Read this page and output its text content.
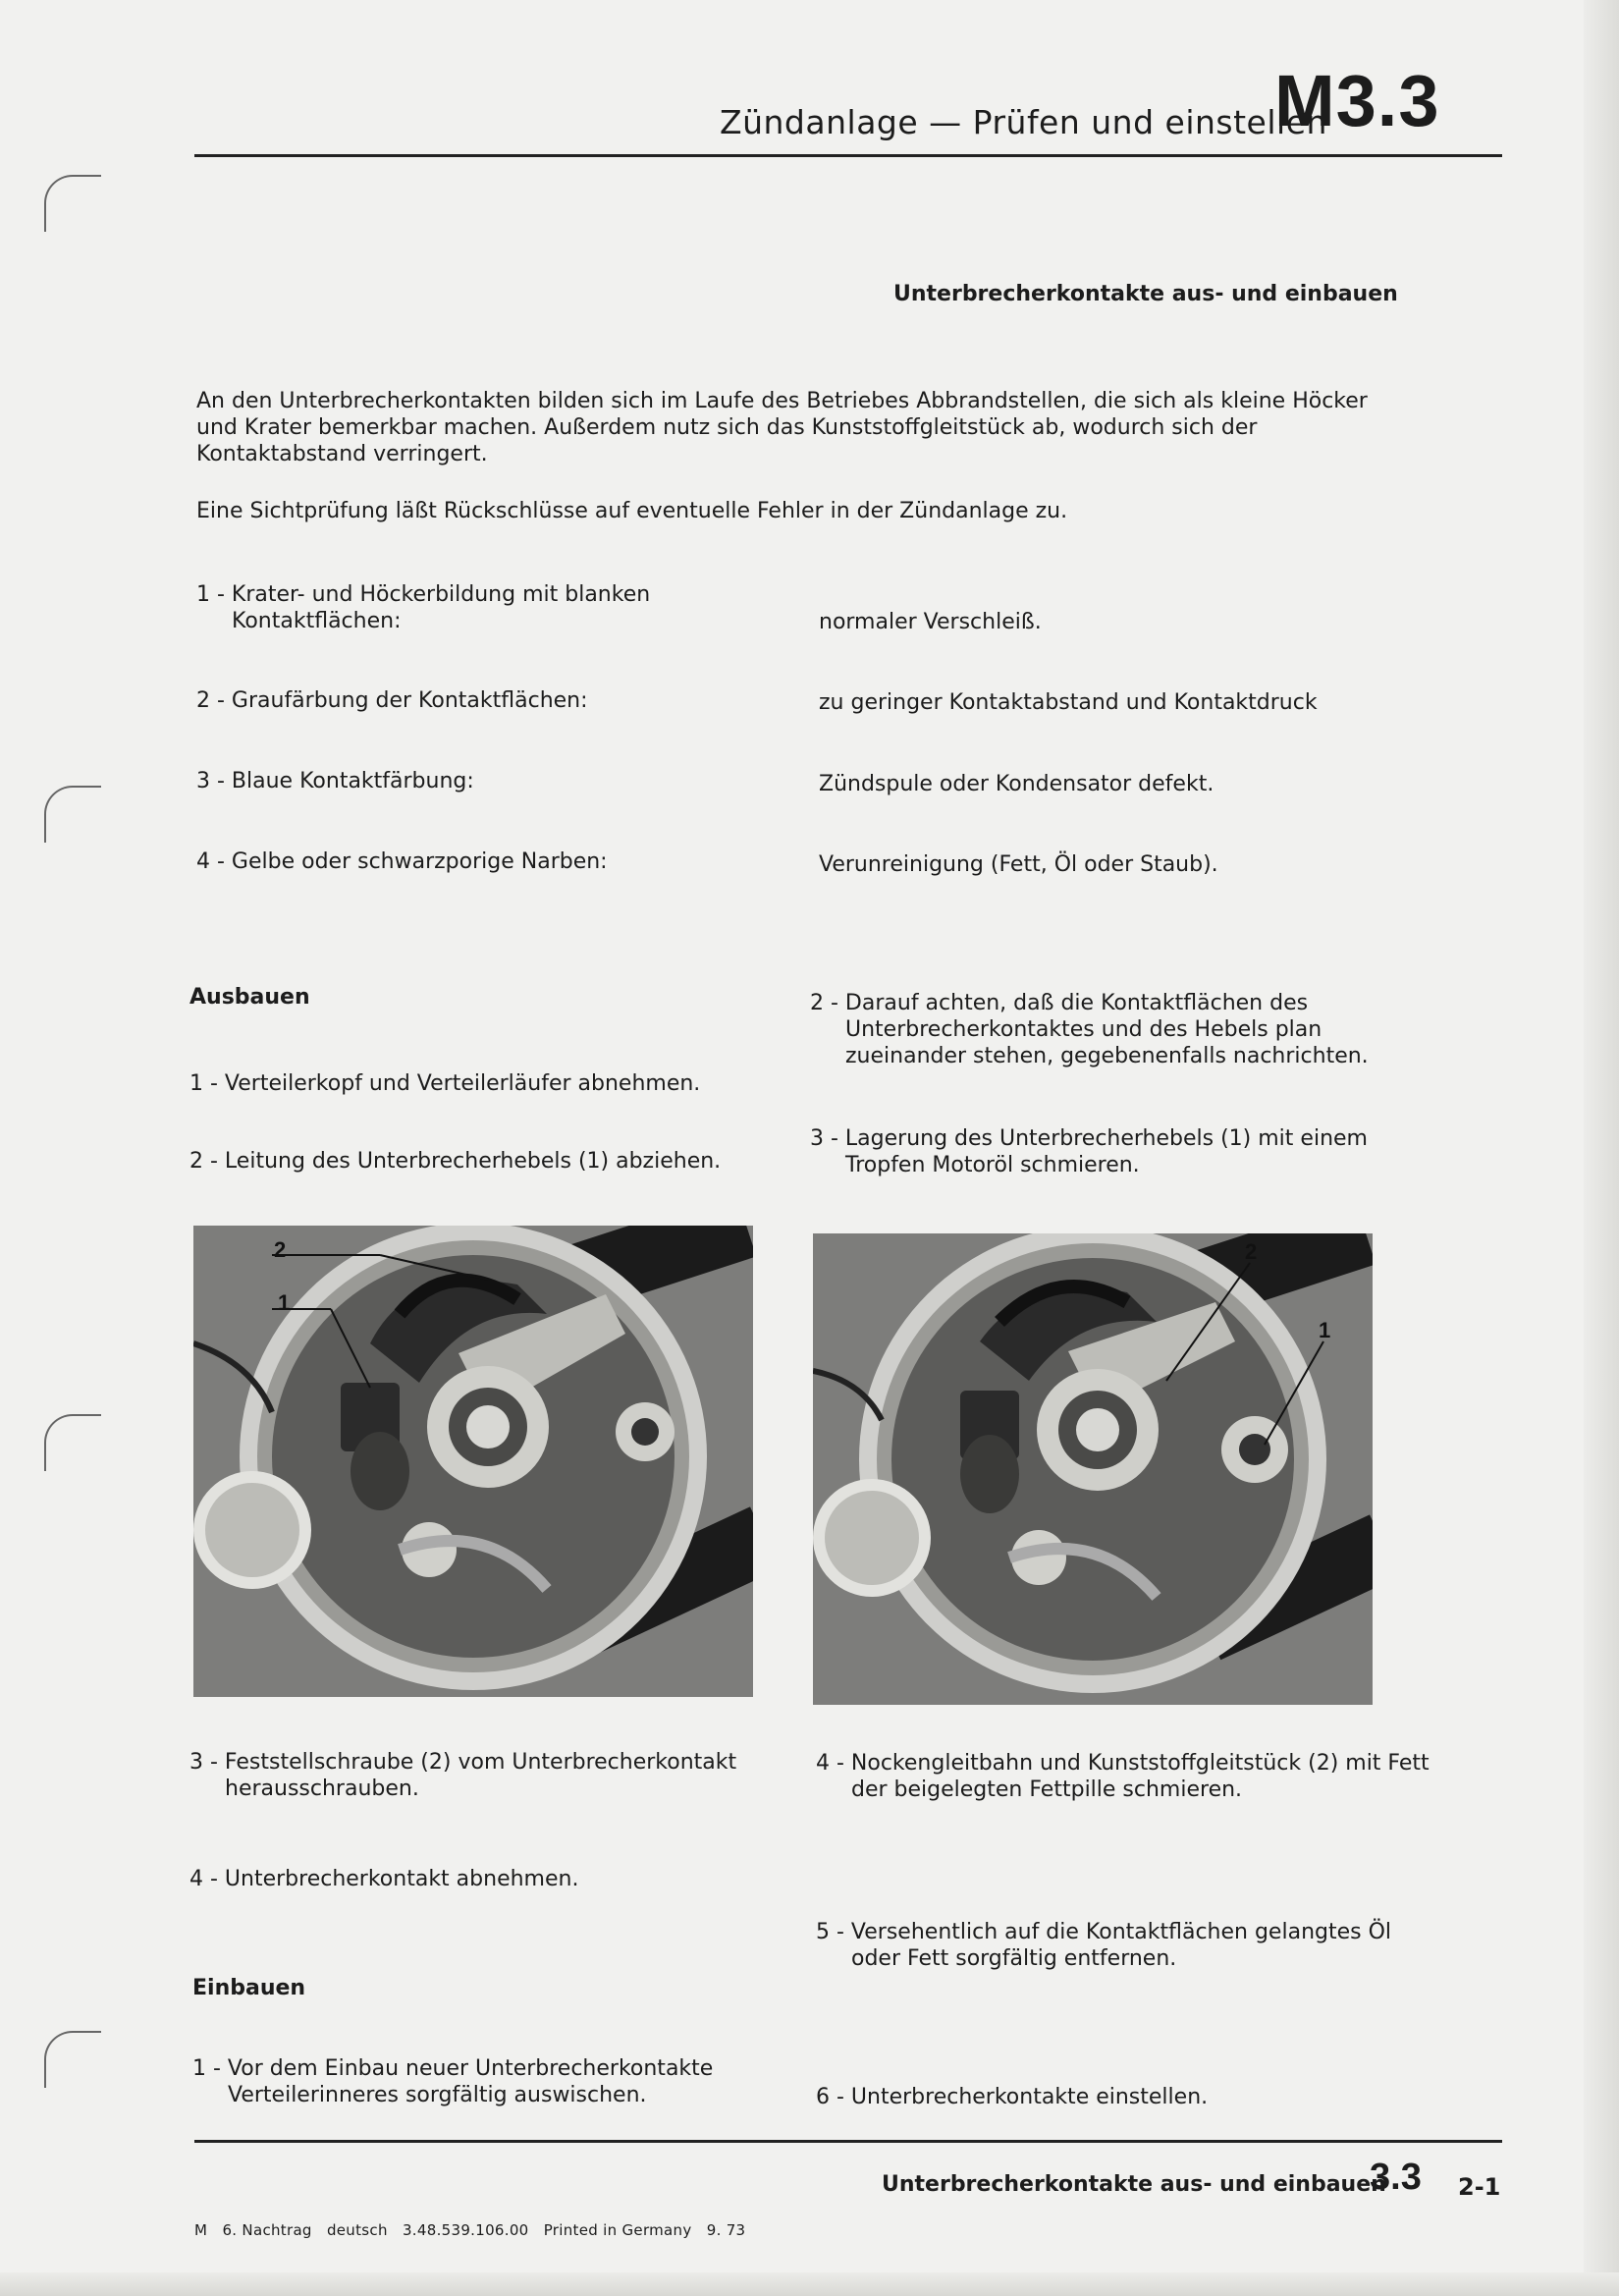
Zündanlage — Prüfen und einstellen
M3.3
Unterbrecherkontakte aus- und einbauen
An den Unterbrecherkontakten bilden sich im Laufe des Betriebes Abbrandstellen, die sich als kleine Höcker und Krater bemerkbar machen. Außerdem nutz sich das Kunststoffgleitstück ab, wodurch sich der Kontaktabstand verringert.
Eine Sichtprüfung läßt Rückschlüsse auf eventuelle Fehler in der Zündanlage zu.
1 - Krater- und Höckerbildung mit blanken Kontaktflächen:	normaler Verschleiß.
2 - Graufärbung der Kontaktflächen:	zu geringer Kontaktabstand und Kontaktdruck
3 - Blaue Kontaktfärbung:	Zündspule oder Kondensator defekt.
4 - Gelbe oder schwarzporige Narben:	Verunreinigung (Fett, Öl oder Staub).
Ausbauen
1 - Verteilerkopf und Verteilerläufer abnehmen.
2 - Leitung des Unterbrecherhebels (1) abziehen.
2 - Darauf achten, daß die Kontaktflächen des Unterbrecherkontaktes und des Hebels plan zueinander stehen, gegebenenfalls nachrichten.
3 - Lagerung des Unterbrecherhebels (1) mit einem Tropfen Motoröl schmieren.
2
1
2
1
3 - Feststellschraube (2) vom Unterbrecherkontakt herausschrauben.
4 - Unterbrecherkontakt abnehmen.
Einbauen
1 - Vor dem Einbau neuer Unterbrecherkontakte Verteilerinneres sorgfältig auswischen.
4 - Nockengleitbahn und Kunststoffgleitstück (2) mit Fett der beigelegten Fettpille schmieren.
5 - Versehentlich auf die Kontaktflächen gelangtes Öl oder Fett sorgfältig entfernen.
6 - Unterbrecherkontakte einstellen.
Unterbrecherkontakte aus- und einbauen
3.3 2-1
M   6. Nachtrag   deutsch   3.48.539.106.00   Printed in Germany   9. 73
